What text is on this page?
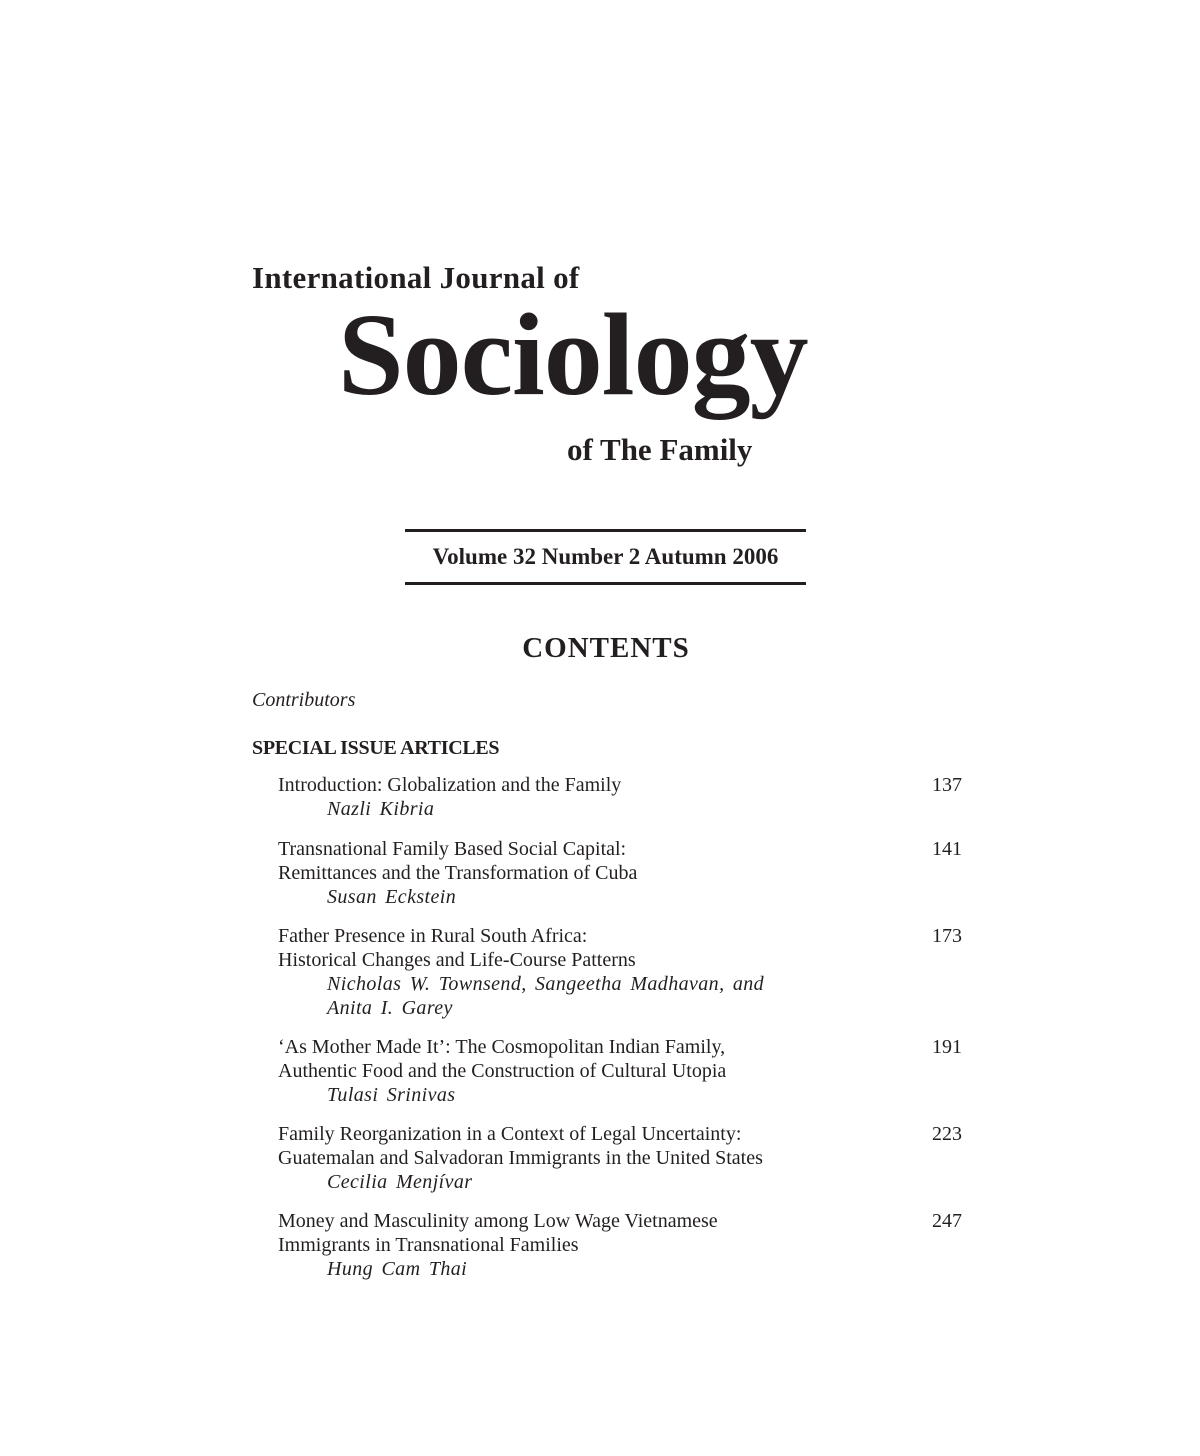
International Journal of
Sociology
of The Family
Volume 32 Number 2 Autumn 2006
CONTENTS
Contributors
SPECIAL ISSUE ARTICLES
Introduction: Globalization and the Family
Nazli Kibria
137
Transnational Family Based Social Capital:
Remittances and the Transformation of Cuba
Susan Eckstein
141
Father Presence in Rural South Africa:
Historical Changes and Life-Course Patterns
Nicholas W. Townsend, Sangeetha Madhavan, and
Anita I. Garey
173
‘As Mother Made It’: The Cosmopolitan Indian Family,
Authentic Food and the Construction of Cultural Utopia
Tulasi Srinivas
191
Family Reorganization in a Context of Legal Uncertainty:
Guatemalan and Salvadoran Immigrants in the United States
Cecilia Menjívar
223
Money and Masculinity among Low Wage Vietnamese
Immigrants in Transnational Families
Hung Cam Thai
247
